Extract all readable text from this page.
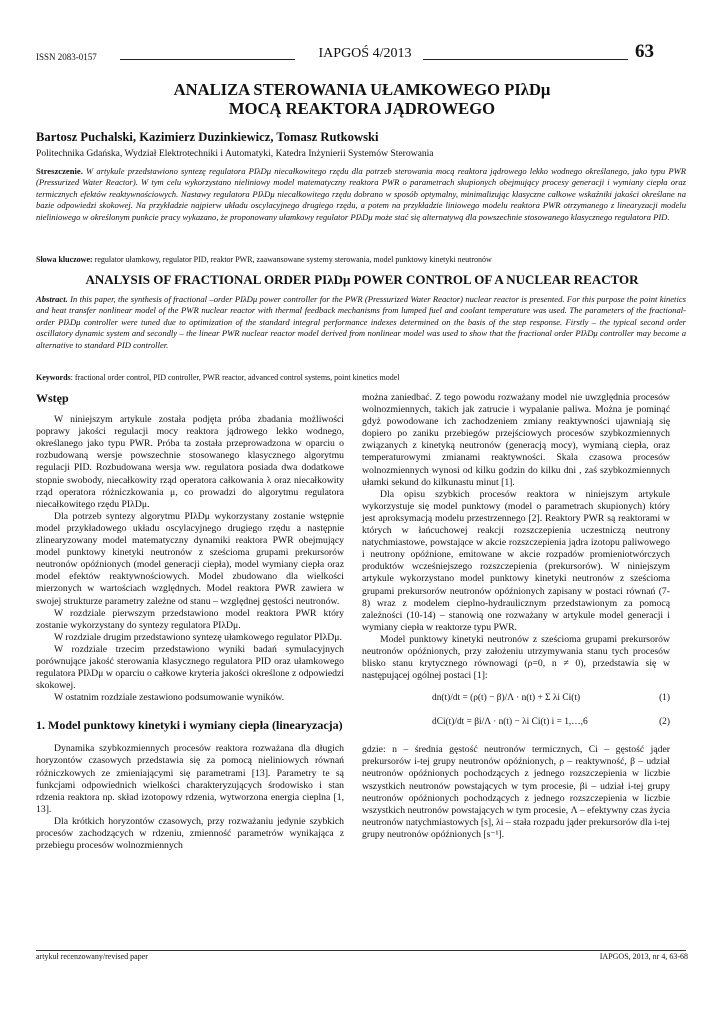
ISSN 2083-0157	IAPGOŚ 4/2013	63
ANALIZA STEROWANIA UŁAMKOWEGO PIλDμ
MOCĄ REAKTORA JĄDROWEGO
Bartosz Puchalski, Kazimierz Duzinkiewicz, Tomasz Rutkowski
Politechnika Gdańska, Wydział Elektrotechniki i Automatyki, Katedra Inżynierii Systemów Sterowania
Streszczenie. W artykule przedstawiono syntezę regulatora PIλDμ niecałkowitego rzędu dla potrzeb sterowania mocą reaktora jądrowego lekko wodnego określanego, jako typu PWR (Pressurized Water Reactor). W tym celu wykorzystano nieliniowy model matematyczny reaktora PWR o parametrach skupionych obejmujący procesy generacji i wymiany ciepła oraz termicznych efektów reaktywnościowych. Nastawy regulatora PIλDμ niecałkowitego rzędu dobrano w sposób optymalny, minimalizując klasyczne całkowe wskaźniki jakości określane na bazie odpowiedzi skokowej. Na przykładzie najpierw układu oscylacyjnego drugiego rzędu, a potem na przykładzie liniowego modelu reaktora PWR otrzymanego z linearyzacji modelu nieliniowego w określonym punkcie pracy wykazano, że proponowany ułamkowy regulator PIλDμ może stać się alternatywą dla powszechnie stosowanego klasycznego regulatora PID.
Słowa kluczowe: regulator ułamkowy, regulator PID, reaktor PWR, zaawansowane systemy sterowania, model punktowy kinetyki neutronów
ANALYSIS OF FRACTIONAL ORDER PIλDμ POWER CONTROL OF A NUCLEAR REACTOR
Abstract. In this paper, the synthesis of fractional –order PIλDμ power controller for the PWR (Pressurized Water Reactor) nuclear reactor is presented. For this purpose the point kinetics and heat transfer nonlinear model of the PWR nuclear reactor with thermal feedback mechanisms from lumped fuel and coolant temperature was used. The parameters of the fractional-order PIλDμ controller were tuned due to optimization of the standard integral performance indexes determined on the basis of the step response. Firstly – the typical second order oscillatory dynamic system and secondly – the linear PWR nuclear reactor model derived from nonlinear model was used to show that the fractional order PIλDμ controller may become a alternative to standard PID controller.
Keywords: fractional order control, PID controller, PWR reactor, advanced control systems, point kinetics model
Wstęp

W niniejszym artykule została podjęta próba zbadania możliwości poprawy jakości regulacji mocy reaktora jądrowego lekko wodnego, określanego jako typu PWR. Próba ta została przeprowadzona w oparciu o rozbudowaną wersje powszechnie stosowanego klasycznego algorytmu regulacji PID. Rozbudowana wersja ww. regulatora posiada dwa dodatkowe stopnie swobody, niecałkowity rząd operatora całkowania λ oraz niecałkowity rząd operatora różniczkowania μ, co prowadzi do algorytmu regulatora niecałkowitego rzędu PIλDμ.

Dla potrzeb syntezy algorytmu PIλDμ wykorzystany zostanie wstępnie model przykładowego układu oscylacyjnego drugiego rzędu a następnie zlinearyzowany model matematyczny dynamiki reaktora PWR obejmujący model punktowy kinetyki neutronów z sześcioma grupami prekursorów neutronów opóźnionych (model generacji ciepła), model wymiany ciepła oraz model efektów reaktywnościowych. Model zbudowano dla wielkości mierzonych w wartościach względnych. Model reaktora PWR zawiera w swojej strukturze parametry zależne od stanu – względnej gęstości neutronów.

W rozdziale pierwszym przedstawiono model reaktora PWR który zostanie wykorzystany do syntezy regulatora PIλDμ.

W rozdziale drugim przedstawiono syntezę ułamkowego regulator PIλDμ.

W rozdziale trzecim przedstawiono wyniki badań symulacyjnych porównujące jakość sterowania klasycznego regulatora PID oraz ułamkowego regulatora PIλDμ w oparciu o całkowe kryteria jakości określone z odpowiedzi skokowej.

W ostatnim rozdziale zestawiono podsumowanie wyników.

1. Model punktowy kinetyki i wymiany ciepła (linearyzacja)

Dynamika szybkozmiennych procesów reaktora rozważana dla długich horyzontów czasowych przedstawia się za pomocą nieliniowych równań różniczkowych ze zmieniającymi się parametrami [13]. Parametry te są funkcjami odpowiednich wielkości charakteryzujących środowisko i stan rdzenia reaktora np. skład izotopowy rdzenia, wytworzona energia cieplna [1, 13].

Dla krótkich horyzontów czasowych, przy rozważaniu jedynie szybkich procesów zachodzących w rdzeniu, zmienność parametrów wynikająca z przebiegu procesów wolnozmiennych

można zaniedbać. Z tego powodu rozważany model nie uwzględnia procesów wolnozmiennych, takich jak zatrucie i wypalanie paliwa. Można je pominąć gdyż powodowane ich zachodzeniem zmiany reaktywności ujawniają się dopiero po zaniku przebiegów przejściowych procesów szybkozmiennych związanych z kinetyką neutronów (generacją mocy), wymianą ciepła, oraz temperaturowymi zmianami reaktywności. Skala czasowa procesów wolnozmiennych wynosi od kilku godzin do kilku dni , zaś szybkozmiennych ułamki sekund do kilkunastu minut [1].

Dla opisu szybkich procesów reaktora w niniejszym artykule wykorzystuje się model punktowy (model o parametrach skupionych) który jest aproksymacją modelu przestrzennego [2]. Reaktory PWR są reaktorami w których w łańcuchowej reakcji rozszczepienia uczestniczą neutrony natychmiastowe, powstające w akcie rozszczepienia jądra izotopu paliwowego i neutrony opóźnione, emitowane w akcie rozpadów promieniotwórczych produktów wcześniejszego rozszczepienia (prekursorów). W niniejszym artykule wykorzystano model punktowy kinetyki neutronów z sześcioma grupami prekursorów neutronów opóźnionych zapisany w postaci równań (7-8) wraz z modelem cieplno-hydraulicznym przedstawionym za pomocą zależności (10-14) – stanowią one rozważany w artykule model generacji i wymiany ciepła w reaktorze typu PWR.

Model punktowy kinetyki neutronów z sześcioma grupami prekursorów neutronów opóźnionych, przy założeniu utrzymywania stanu tych procesów blisko stanu krytycznego równowagi (ρ=0, n ≠ 0), przedstawia się w następującej ogólnej postaci [1]:

dn(t)/dt = (ρ(t) − β)/Λ · n(t) + Σ λi Ci(t)	(1)
dCi(t)/dt = βi/Λ · n(t) − λi Ci(t) i = 1,…,6	(2)

gdzie: n – średnia gęstość neutronów termicznych, Ci – gęstość jąder prekursorów i-tej grupy neutronów opóźnionych, ρ – reaktywność, β – udział neutronów opóźnionych pochodzących z jednego rozszczepienia w liczbie wszystkich neutronów powstających w tym procesie, βi – udział i-tej grupy neutronów opóźnionych pochodzących z jednego rozszczepienia w liczbie wszystkich neutronów powstających w tym procesie, Λ – efektywny czas życia neutronów natychmiastowych [s], λi – stała rozpadu jąder prekursorów dla i-tej grupy neutronów opóźnionych [s⁻¹].

artykuł recenzowany/revised paper	IAPGOS, 2013, nr 4, 63-68
